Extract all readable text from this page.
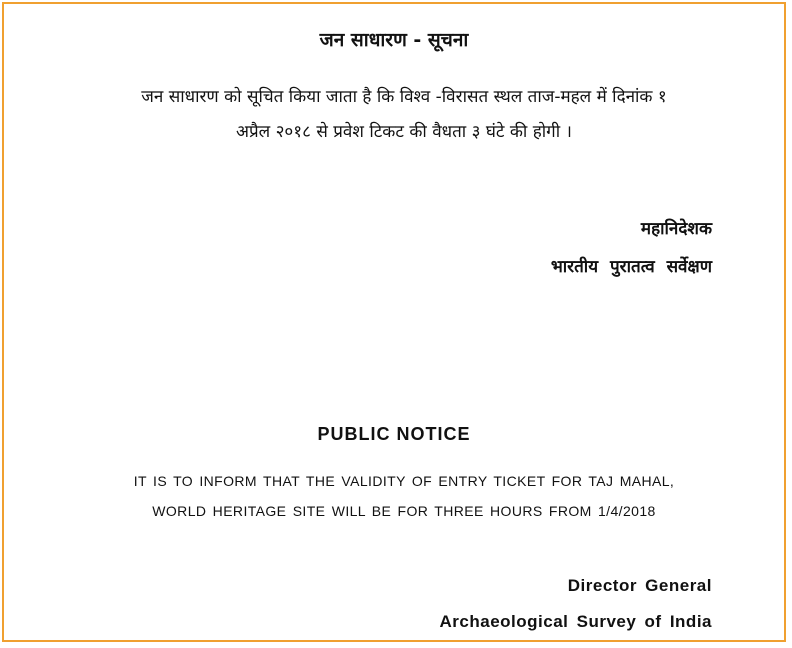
जन साधारण - सूचना
जन साधारण को सूचित किया जाता है कि विश्व -विरासत स्थल ताज-महल में दिनांक १
अप्रैल २०१८ से प्रवेश टिकट की वैधता ३ घंटे की होगी ।
महानिदेशक
भारतीय पुरातत्व सर्वेक्षण
PUBLIC NOTICE
IT IS TO INFORM THAT THE VALIDITY OF ENTRY TICKET FOR TAJ MAHAL,
WORLD HERITAGE SITE WILL BE FOR THREE HOURS FROM 1/4/2018
Director General
Archaeological Survey of India
